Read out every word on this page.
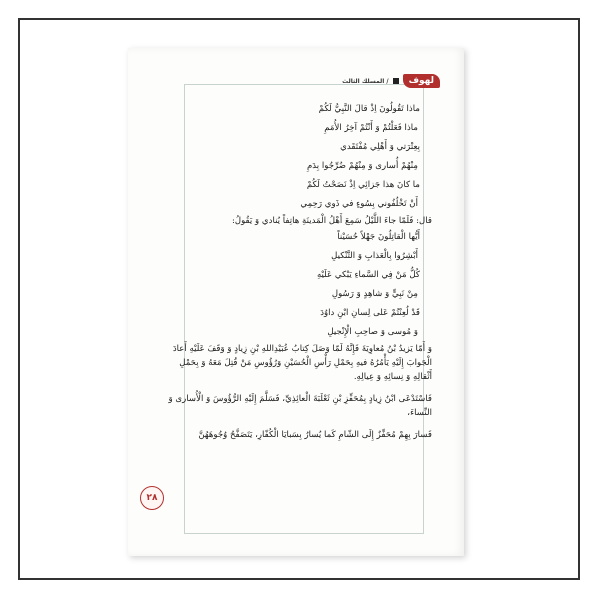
لهوف
/ المسلك الثالث

ماذا تَقُولُونَ اِذْ قالَ النَّبِيُّ لَكُمْ

ماذا فَعَلْتُمْ وَ أَنْتُمْ آخِرُ الأُمَمِ

بِعِتْرَتي وَ أَهْلِي مُفْتَقَدي

مِنْهُمْ أُسارى وَ مِنْهُمْ ضُرِّجُوا بِدَمِ

ما كانَ هذا جَزائِي اِذْ نَصَحْتُ لَكُمْ

أَنْ تَخْلُفُوني بِسُوءٍ في ذَوي رَحِمِي

قال: فَلَمّا جاءَ اللَّيْلُ سَمِعَ أَهْلُ الْمَدينَةِ هاتِفاً يُنادي وَ يَقُولُ:

أَيُّها الْقاتِلُونَ جَهْلاً حُسَيْناً

أَبْشِرُوا بِالْعَذابِ وَ التَّنْكيلِ

كُلُّ مَنْ فِي السَّماءِ يَبْكي عَلَيْهِ

مِنْ نَبِيٍّ وَ شاهِدٍ وَ رَسُولِ

قَدْ لُعِنْتُمْ عَلى لِسانِ ابْنِ داوُدَ

وَ مُوسى وَ صاحِبِ الْإِنْجيلِ

وَ أَمّا يَزيدُ بْنُ مُعاوِيَةَ فَإِنَّهُ لَمّا وَصَلَ كِتابُ عُبَيْدِاللهِ بْنِ زِيادٍ وَ وَقَفَ عَلَيْهِ أَعادَ الْجَوابَ إِلَيْهِ يَأْمُرُهُ فيهِ بِحَمْلِ رَأْسِ الْحُسَيْنِ وَرُؤُوسِ مَنْ قُتِلَ مَعَهُ وَ بِحَمْلِ أَثْقالِهِ وَ نِسائِهِ وَ عِيالِهِ.

فَاسْتَدْعَى ابْنُ زِيادٍ بِمُحَفِّزِ بْنِ ثَعْلَبَةَ الْعائِذِيِّ، فَسَلَّمَ إِلَيْهِ الرُّؤُوسَ وَ الْأُسارى وَ النِّساءَ،

فَسارَ بِهِمْ مُحَفِّزٌ إِلَى الشّامِ كَما يُسارُ بِسَبايَا الْكُفّارِ، يَتَصَفَّحُ وُجُوهَهُنَّ

٢٨
